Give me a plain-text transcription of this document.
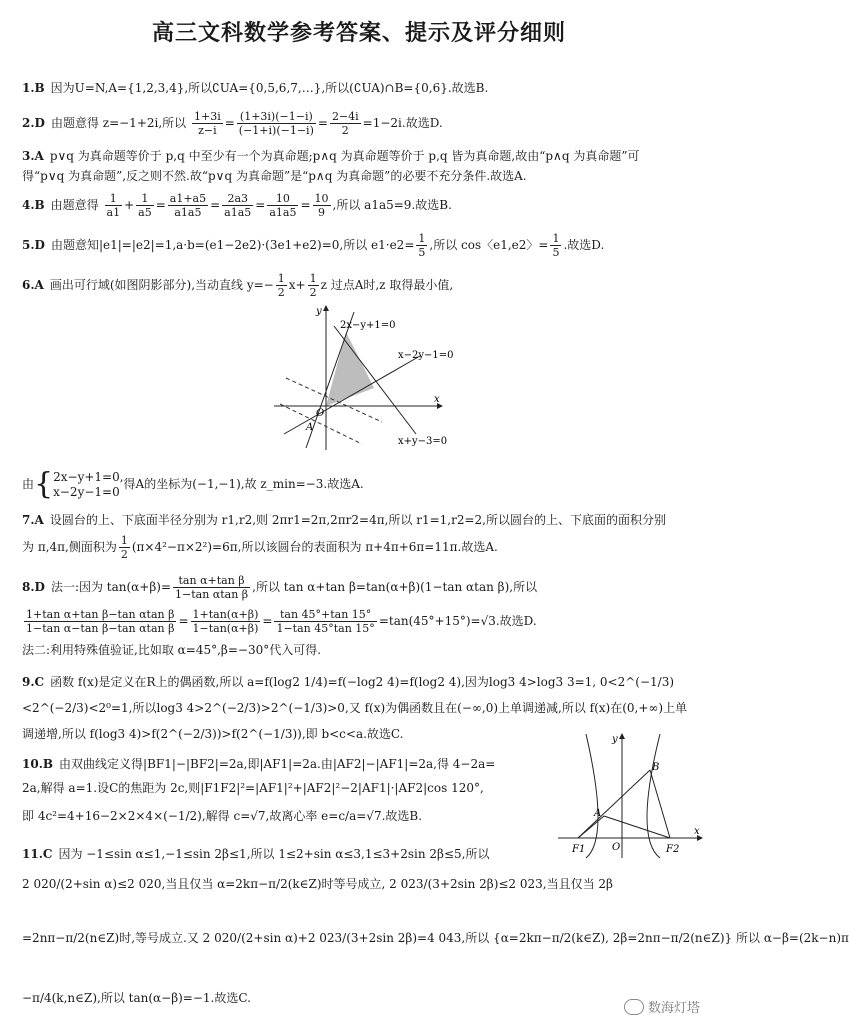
高三文科数学参考答案、提示及评分细则
1.B 因为U=N,A={1,2,3,4},所以∁UA={0,5,6,7,…},所以(∁UA)∩B={0,6}.故选B.
2.D 由题意得 z=−1+2i,所以 $\frac{1+3i}{z-i} = \frac{(1+3i)(-1-i)}{(-1+i)(-1-i)} = \frac{2-4i}{2} =1-2i$.故选D.
3.A p∨q 为真命题等价于 p,q 中至少有一个为真命题;p∧q 为真命题等价于 p,q 皆为真命题,故由“p∧q 为真命题”可
得“p∨q 为真命题”,反之则不然.故“p∨q 为真命题”是“p∧q 为真命题”的必要不充分条件.故选A.
4.B 由题意得 $\frac{1}{a1} + \frac{1}{a5} = \frac{a1+a5}{a1a5} = \frac{2a3}{a1a5} = \frac{10}{a1a5} = \frac{10}{9}$ ,所以 a1a5=9.故选B.
5.D 由题意知|e1|=|e2|=1,a·b=(e1−2e2)·(3e1+e2)=0,所以 $e1\cdot e2= \frac{1}{5}$ ,所以 cos〈e1,e2〉= $\frac{1}{5}$ .故选D.
6.A 画出可行域(如图阴影部分),当动直线 $y=- \frac{1}{2} x+ \frac{1}{2}$ z 过点A时,z 取得最小值,
2x−y+1=0
x−2y−1=0
x+y−3=0
x
y
O
A
由{2x−y+1=0,
x−2y−1=0得A的坐标为(−1,−1),故 z_min=−3.故选A.
7.A 设圆台的上、下底面半径分别为 r1,r2,则 2πr1=2π,2πr2=4π,所以 r1=1,r2=2,所以圆台的上、下底面的面积分别
为 π,4π,侧面积为 $\frac{1}{2} (\pi\times 4^2-\pi\times 2^2)=6\pi$,所以该圆台的表面积为 π+4π+6π=11π.故选A.
8.D 法一:因为 $\tan(\alpha+\beta)= \frac{\text{tan α+tan β}}{\text{1−tan αtan β}}$ ,所以 tan α+tan β=tan(α+β)(1−tan αtan β),所以
$\frac{\text{1+tan α+tan β−tan αtan β}}{\text{1−tan α−tan β−tan αtan β}} = \frac{1+\tan(\alpha+\beta)}{1-\tan(\alpha+\beta)} = \frac{\tan 45^\circ+\tan 15^\circ}{1-\tan 45^\circ\tan 15^\circ} =\tan(45^\circ+15^\circ)=√3$.故选D.
法二:利用特殊值验证,比如取 α=45°,β=−30°代入可得.
9.C 函数 f(x)是定义在R上的偶函数,所以 a=f(log2 1/4)=f(−log2 4)=f(log2 4),因为log3 4>log3 3=1, 0<2^(−1/3)
<2^(−2/3)<2⁰=1,所以log3 4>2^(−2/3)>2^(−1/3)>0,又 f(x)为偶函数且在(−∞,0)上单调递减,所以 f(x)在(0,+∞)上单
调递增,所以 f(log3 4)>f(2^(−2/3))>f(2^(−1/3)),即 b<c<a.故选C.
10.B 由双曲线定义得|BF1|−|BF2|=2a,即|AF1|=2a.由|AF2|−|AF1|=2a,得 4−2a=
2a,解得 a=1.设C的焦距为 2c,则|F1F2|²=|AF1|²+|AF2|²−2|AF1|·|AF2|cos 120°,
即 4c²=4+16−2×2×4×(−1/2),解得 c=√7,故离心率 e=c/a=√7.故选B.	A
B
F1	F2
O
x
y
11.C 因为 −1≤sin α≤1,−1≤sin 2β≤1,所以 1≤2+sin α≤3,1≤3+2sin 2β≤5,所以
2 020/(2+sin α)≤2 020,当且仅当 α=2kπ−π/2(k∈Z)时等号成立, 2 023/(3+2sin 2β)≤2 023,当且仅当 2β
=2nπ−π/2(n∈Z)时,等号成立.又 2 020/(2+sin α)+2 023/(3+2sin 2β)=4 043,所以 {α=2kπ−π/2(k∈Z), 2β=2nπ−π/2(n∈Z)} 所以 α−β=(2k−n)π
−π/4(k,n∈Z),所以 tan(α−β)=−1.故选C.
数海灯塔
